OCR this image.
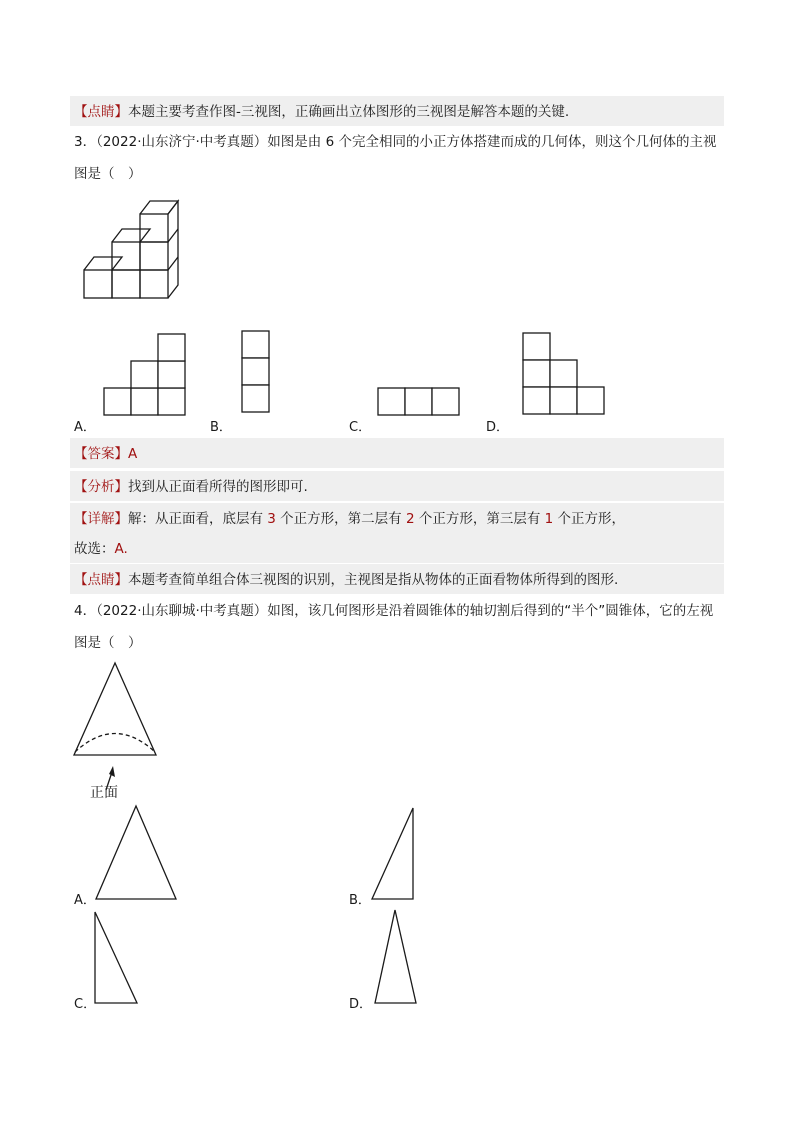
【点睛】本题主要考查作图-三视图，正确画出立体图形的三视图是解答本题的关键.
3．（2022·山东济宁·中考真题）如图是由 6 个完全相同的小正方体搭建而成的几何体，则这个几何体的主视
图是（　）
A．	B．	C．	D．
【答案】A
【分析】找到从正面看所得的图形即可.
【详解】解：从正面看，底层有 3 个正方形，第二层有 2 个正方形，第三层有 1 个正方形，
故选：A.
【点睛】本题考查简单组合体三视图的识别，主视图是指从物体的正面看物体所得到的图形.
4．（2022·山东聊城·中考真题）如图，该几何图形是沿着圆锥体的轴切割后得到的“半个”圆锥体，它的左视
图是（　）
正面
A．	B．
C．	D．
